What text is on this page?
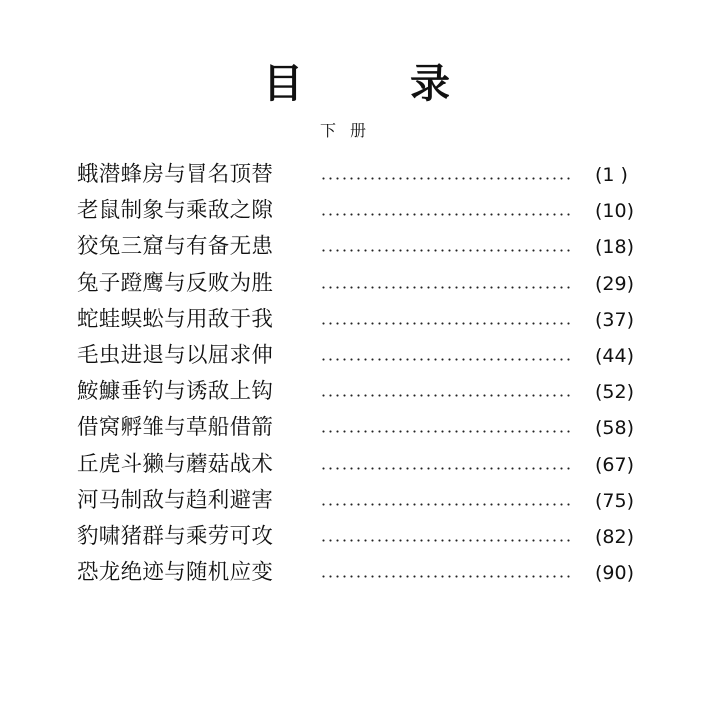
目	录
下册
蛾潜蜂房与冒名顶替	(1 )
老鼠制象与乘敌之隙	(10)
狡兔三窟与有备无患	(18)
兔子蹬鹰与反败为胜	(29)
蛇蛙蜈蚣与用敌于我	(37)
毛虫进退与以屈求伸	(44)
鮟鱇垂钓与诱敌上钩	(52)
借窝孵雏与草船借箭	(58)
丘虎斗獭与蘑菇战术	(67)
河马制敌与趋利避害	(75)
豹啸猪群与乘劳可攻	(82)
恐龙绝迹与随机应变	(90)
